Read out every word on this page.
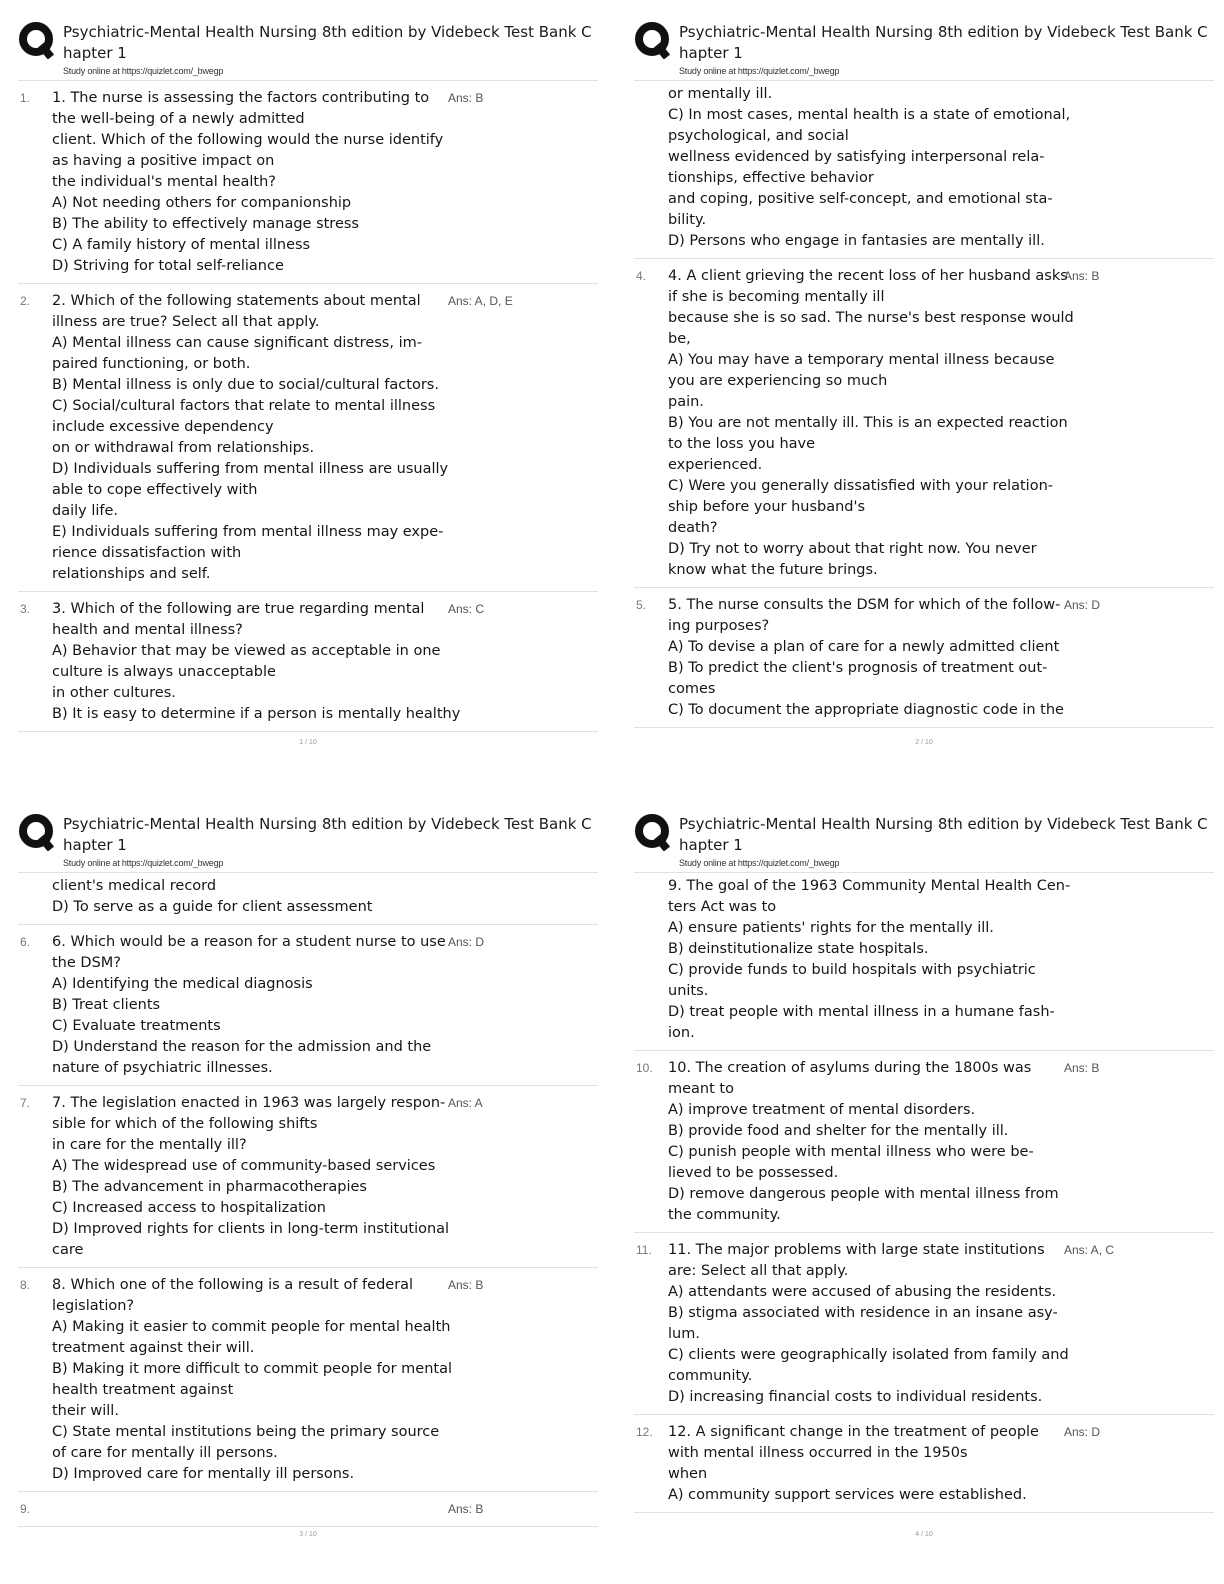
Psychiatric-Mental Health Nursing 8th edition by Videbeck Test Bank Chapter 1
Study online at https://quizlet.com/_bwegp
1.	1. The nurse is assessing the factors contributing to
the well-being of a newly admitted
client. Which of the following would the nurse identify
as having a positive impact on
the individual's mental health?
A) Not needing others for companionship
B) The ability to effectively manage stress
C) A family history of mental illness
D) Striving for total self-reliance
Ans: B
2.	2. Which of the following statements about mental
illness are true? Select all that apply.
A) Mental illness can cause significant distress, im-
paired functioning, or both.
B) Mental illness is only due to social/cultural factors.
C) Social/cultural factors that relate to mental illness
include excessive dependency
on or withdrawal from relationships.
D) Individuals suffering from mental illness are usually
able to cope effectively with
daily life.
E) Individuals suffering from mental illness may expe-
rience dissatisfaction with
relationships and self.
Ans: A, D, E
3.	3. Which of the following are true regarding mental
health and mental illness?
A) Behavior that may be viewed as acceptable in one
culture is always unacceptable
in other cultures.
B) It is easy to determine if a person is mentally healthy
Ans: C
1 / 10
Psychiatric-Mental Health Nursing 8th edition by Videbeck Test Bank Chapter 1
Study online at https://quizlet.com/_bwegp
or mentally ill.
C) In most cases, mental health is a state of emotional,
psychological, and social
wellness evidenced by satisfying interpersonal rela-
tionships, effective behavior
and coping, positive self-concept, and emotional sta-
bility.
D) Persons who engage in fantasies are mentally ill.
4.	4. A client grieving the recent loss of her husband asks
if she is becoming mentally ill
because she is so sad. The nurse's best response would
be,
A) You may have a temporary mental illness because
you are experiencing so much
pain.
B) You are not mentally ill. This is an expected reaction
to the loss you have
experienced.
C) Were you generally dissatisfied with your relation-
ship before your husband's
death?
D) Try not to worry about that right now. You never
know what the future brings.
Ans: B
5.	5. The nurse consults the DSM for which of the follow-
ing purposes?
A) To devise a plan of care for a newly admitted client
B) To predict the client's prognosis of treatment out-
comes
C) To document the appropriate diagnostic code in the
Ans: D
2 / 10
Psychiatric-Mental Health Nursing 8th edition by Videbeck Test Bank Chapter 1
Study online at https://quizlet.com/_bwegp
client's medical record
D) To serve as a guide for client assessment
6.	6. Which would be a reason for a student nurse to use
the DSM?
A) Identifying the medical diagnosis
B) Treat clients
C) Evaluate treatments
D) Understand the reason for the admission and the
nature of psychiatric illnesses.
Ans: D
7.	7. The legislation enacted in 1963 was largely respon-
sible for which of the following shifts
in care for the mentally ill?
A) The widespread use of community-based services
B) The advancement in pharmacotherapies
C) Increased access to hospitalization
D) Improved rights for clients in long-term institutional
care
Ans: A
8.	8. Which one of the following is a result of federal
legislation?
A) Making it easier to commit people for mental health
treatment against their will.
B) Making it more difficult to commit people for mental
health treatment against
their will.
C) State mental institutions being the primary source
of care for mentally ill persons.
D) Improved care for mentally ill persons.
Ans: B
9.
	Ans: B
3 / 10
Psychiatric-Mental Health Nursing 8th edition by Videbeck Test Bank Chapter 1
Study online at https://quizlet.com/_bwegp
9. The goal of the 1963 Community Mental Health Cen-
ters Act was to
A) ensure patients' rights for the mentally ill.
B) deinstitutionalize state hospitals.
C) provide funds to build hospitals with psychiatric
units.
D) treat people with mental illness in a humane fash-
ion.
10.	10. The creation of asylums during the 1800s was
meant to
A) improve treatment of mental disorders.
B) provide food and shelter for the mentally ill.
C) punish people with mental illness who were be-
lieved to be possessed.
D) remove dangerous people with mental illness from
the community.
Ans: B
11.	11. The major problems with large state institutions
are: Select all that apply.
A) attendants were accused of abusing the residents.
B) stigma associated with residence in an insane asy-
lum.
C) clients were geographically isolated from family and
community.
D) increasing financial costs to individual residents.
Ans: A, C
12.	12. A significant change in the treatment of people
with mental illness occurred in the 1950s
when
A) community support services were established.
Ans: D
4 / 10
